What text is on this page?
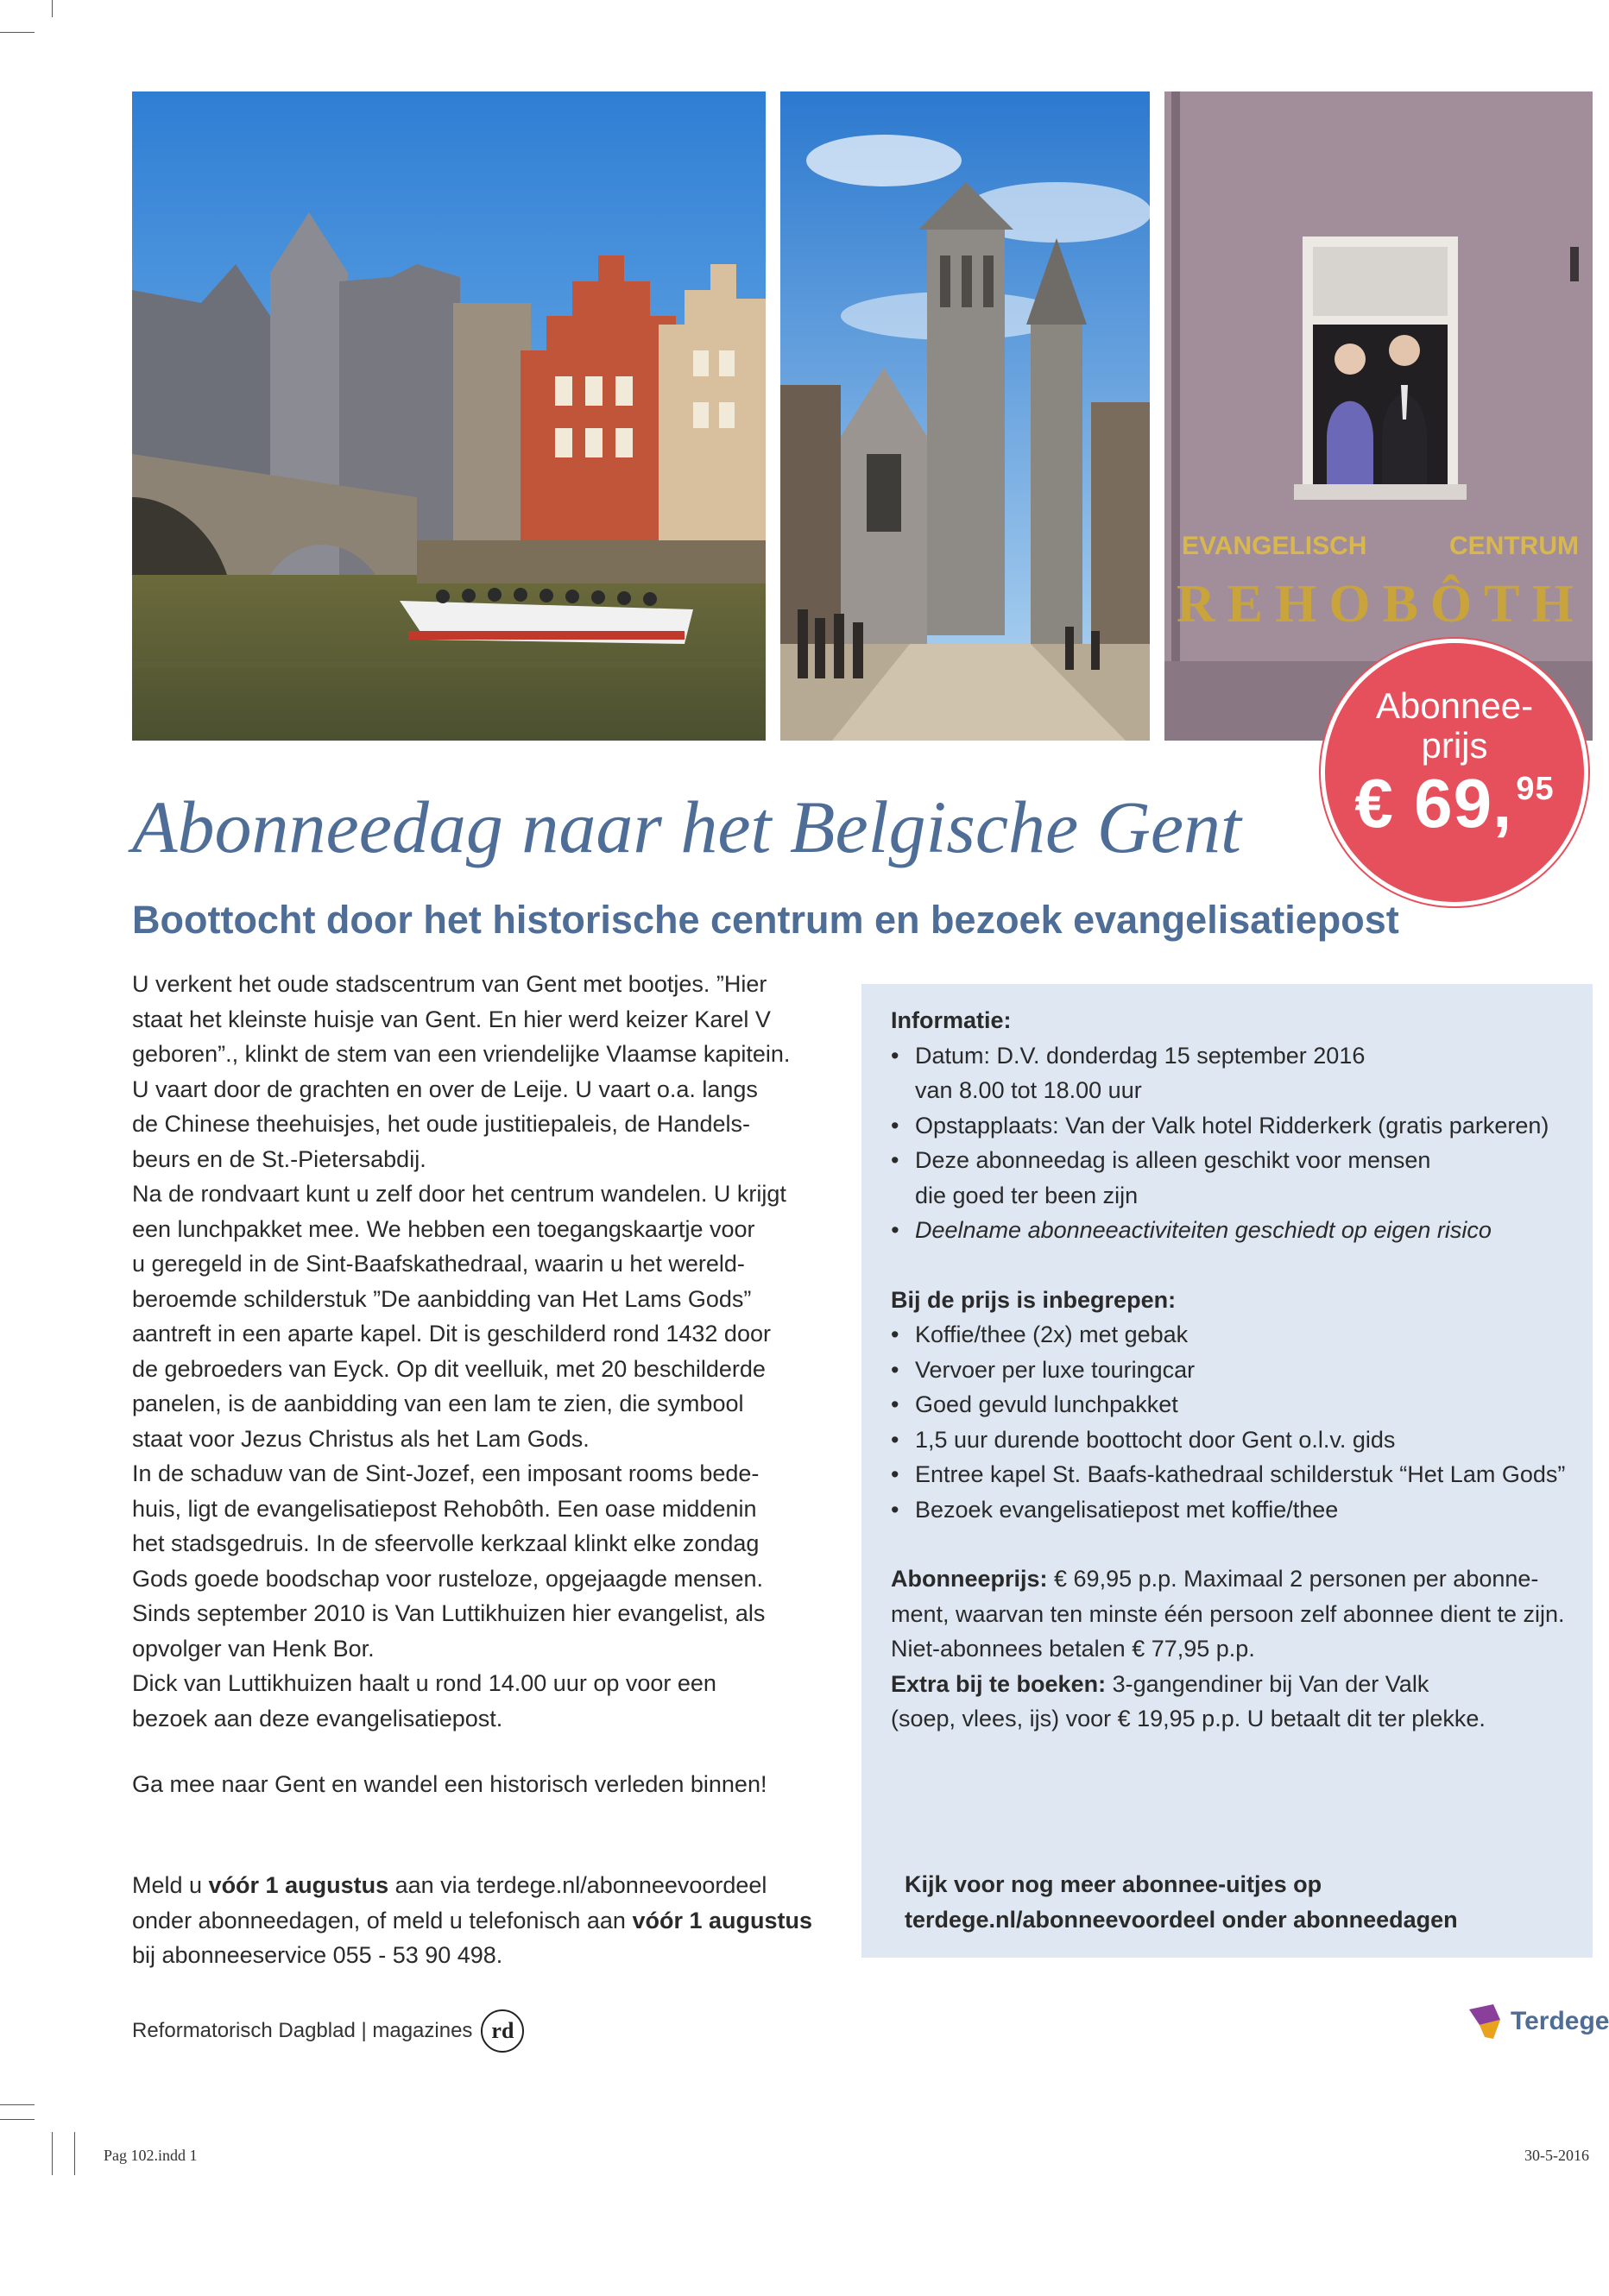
EVANGELISCH	CENTRUM
REHOBÔTH
Abonnee-
prijs
€ 69, $^{95}$
Abonneedag naar het Belgische Gent
Boottocht door het historische centrum en bezoek evangelisatiepost

U verkent het oude stadscentrum van Gent met bootjes. ”Hier

staat het kleinste huisje van Gent. En hier werd keizer Karel V

geboren”., klinkt de stem van een vriendelijke Vlaamse kapitein.

U vaart door de grachten en over de Leije. U vaart o.a. langs

de Chinese theehuisjes, het oude justitiepaleis, de Handels-

beurs en de St.-Pietersabdij.

Na de rondvaart kunt u zelf door het centrum wandelen. U krijgt

een lunchpakket mee. We hebben een toegangskaartje voor

u geregeld in de Sint-Baafskathedraal, waarin u het wereld-

beroemde schilderstuk ”De aanbidding van Het Lams Gods”

aantreft in een aparte kapel. Dit is geschilderd rond 1432 door

de gebroeders van Eyck. Op dit veelluik, met 20 beschilderde

panelen, is de aanbidding van een lam te zien, die symbool

staat voor Jezus Christus als het Lam Gods.

In de schaduw van de Sint-Jozef, een imposant rooms bede-

huis, ligt de evangelisatiepost Rehobôth. Een oase middenin

het stadsgedruis. In de sfeervolle kerkzaal klinkt elke zondag

Gods goede boodschap voor rusteloze, opgejaagde mensen.

Sinds september 2010 is Van Luttikhuizen hier evangelist, als

opvolger van Henk Bor.

Dick van Luttikhuizen haalt u rond 14.00 uur op voor een

bezoek aan deze evangelisatiepost.

Ga mee naar Gent en wandel een historisch verleden binnen!

Informatie:
• Datum: D.V. donderdag 15 september 2016
van 8.00 tot 18.00 uur
• Opstapplaats: Van der Valk hotel Ridderkerk (gratis parkeren)
• Deze abonneedag is alleen geschikt voor mensen
die goed ter been zijn
• Deelname abonneeactiviteiten geschiedt op eigen risico
Bij de prijs is inbegrepen:
• Koffie/thee (2x) met gebak
• Vervoer per luxe touringcar
• Goed gevuld lunchpakket
• 1,5 uur durende boottocht door Gent o.l.v. gids
• Entree kapel St. Baafs-kathedraal schilderstuk “Het Lam Gods”
• Bezoek evangelisatiepost met koffie/thee

Abonneeprijs: € 69,95 p.p. Maximaal 2 personen per abonne-

ment, waarvan ten minste één persoon zelf abonnee dient te zijn.

Niet-abonnees betalen € 77,95 p.p.

Extra bij te boeken: 3-gangendiner bij Van der Valk

(soep, vlees, ijs) voor € 19,95 p.p. U betaalt dit ter plekke.

Kijk voor nog meer abonnee-uitjes op
terdege.nl/abonneevoordeel onder abonneedagen

Meld u vóór 1 augustus aan via terdege.nl/abonneevoordeel

onder abonneedagen, of meld u telefonisch aan vóór 1 augustus

bij abonneeservice 055 - 53 90 498.

Reformatorisch Dagblad | magazines rd	Terdege
Pag 102.indd 1	30-5-2016
